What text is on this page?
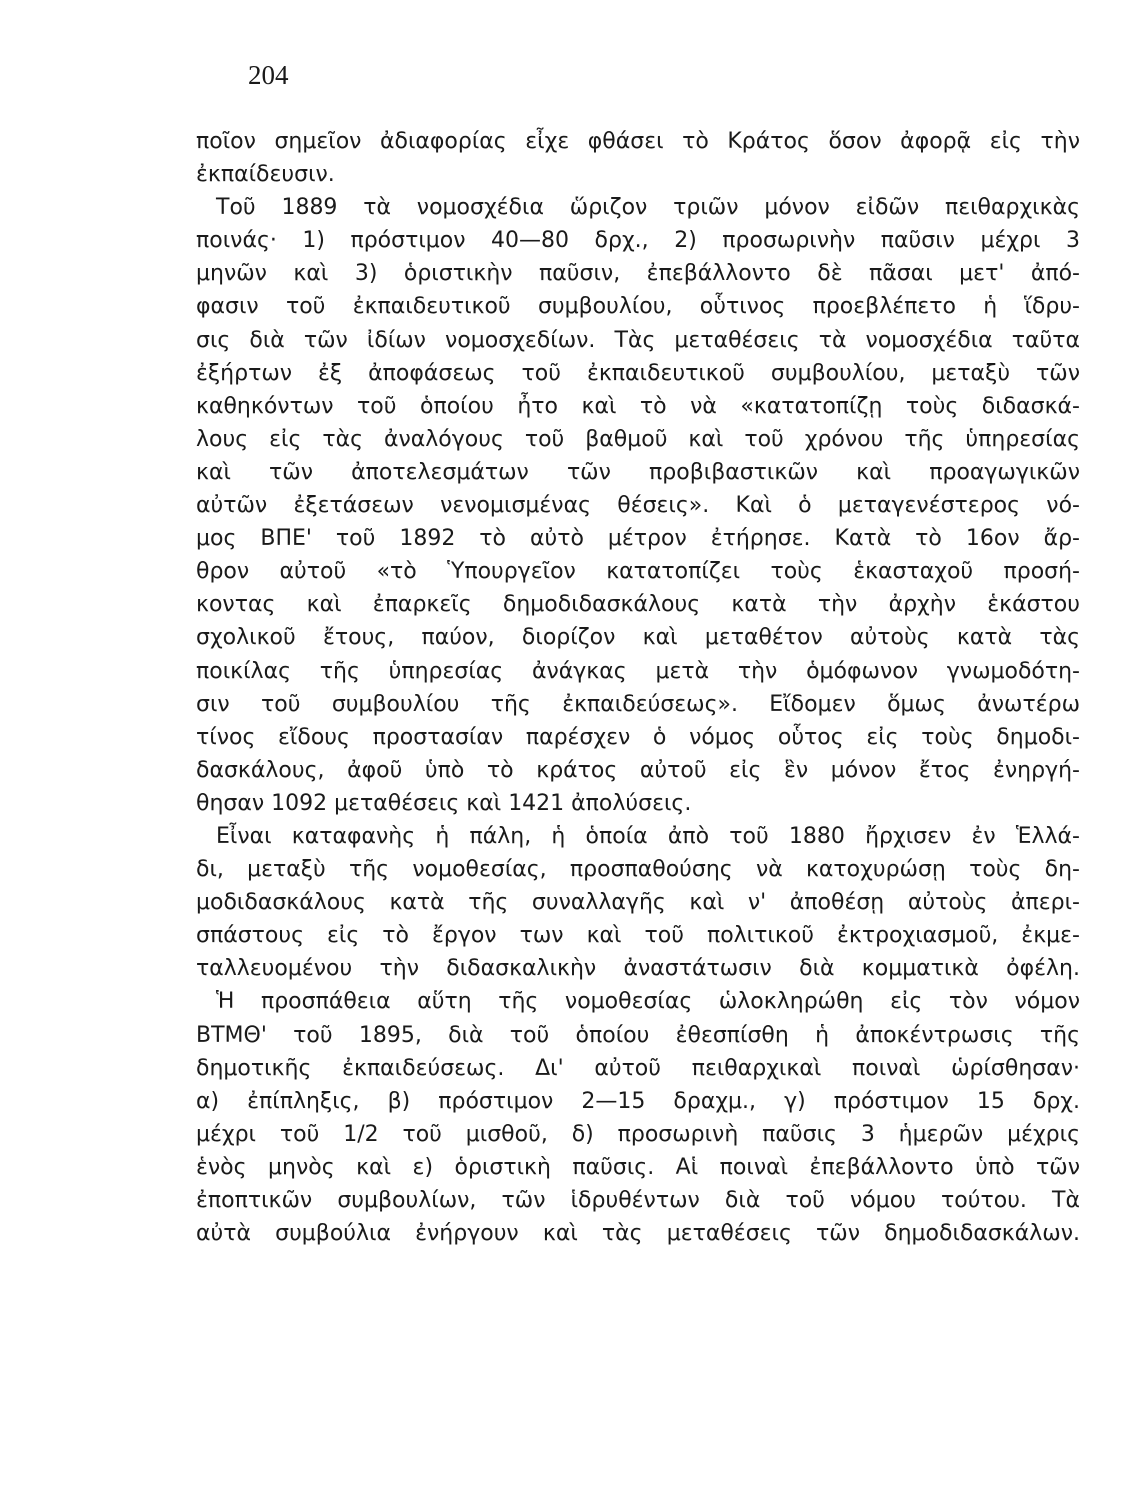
204
ποῖον σημεῖον ἀδιαφορίας εἶχε φθάσει τὸ Κράτος ὅσον ἀφορᾷ εἰς τὴν
ἐκπαίδευσιν.
Τοῦ 1889 τὰ νομοσχέδια ὥριζον τριῶν μόνον εἰδῶν πειθαρχικὰς
ποινάς· 1) πρόστιμον 40—80 δρχ., 2) προσωρινὴν παῦσιν μέχρι 3
μηνῶν καὶ 3) ὁριστικὴν παῦσιν, ἐπεβάλλοντο δὲ πᾶσαι μετ' ἀπό-
φασιν τοῦ ἐκπαιδευτικοῦ συμβουλίου, οὗτινος προεβλέπετο ἡ ἵδρυ-
σις διὰ τῶν ἰδίων νομοσχεδίων. Τὰς μεταθέσεις τὰ νομοσχέδια ταῦτα
ἐξήρτων ἐξ ἀποφάσεως τοῦ ἐκπαιδευτικοῦ συμβουλίου, μεταξὺ τῶν
καθηκόντων τοῦ ὁποίου ἦτο καὶ τὸ νὰ «κατατοπίζῃ τοὺς διδασκά-
λους εἰς τὰς ἀναλόγους τοῦ βαθμοῦ καὶ τοῦ χρόνου τῆς ὑπηρεσίας
καὶ τῶν ἀποτελεσμάτων τῶν προβιβαστικῶν καὶ προαγωγικῶν
αὐτῶν ἐξετάσεων νενομισμένας θέσεις». Καὶ ὁ μεταγενέστερος νό-
μος ΒΠΕ' τοῦ 1892 τὸ αὐτὸ μέτρον ἐτήρησε. Κατὰ τὸ 16ον ἄρ-
θρον αὐτοῦ «τὸ Ὑπουργεῖον κατατοπίζει τοὺς ἑκασταχοῦ προσή-
κοντας καὶ ἐπαρκεῖς δημοδιδασκάλους κατὰ τὴν ἀρχὴν ἑκάστου
σχολικοῦ ἔτους, παύον, διορίζον καὶ μεταθέτον αὐτοὺς κατὰ τὰς
ποικίλας τῆς ὑπηρεσίας ἀνάγκας μετὰ τὴν ὁμόφωνον γνωμοδότη-
σιν τοῦ συμβουλίου τῆς ἐκπαιδεύσεως». Εἴδομεν ὅμως ἀνωτέρω
τίνος εἴδους προστασίαν παρέσχεν ὁ νόμος οὗτος εἰς τοὺς δημοδι-
δασκάλους, ἀφοῦ ὑπὸ τὸ κράτος αὐτοῦ εἰς ἓν μόνον ἔτος ἐνηργή-
θησαν 1092 μεταθέσεις καὶ 1421 ἀπολύσεις.
Εἶναι καταφανὴς ἡ πάλη, ἡ ὁποία ἀπὸ τοῦ 1880 ἤρχισεν ἐν Ἑλλά-
δι, μεταξὺ τῆς νομοθεσίας, προσπαθούσης νὰ κατοχυρώσῃ τοὺς δη-
μοδιδασκάλους κατὰ τῆς συναλλαγῆς καὶ ν' ἀποθέσῃ αὐτοὺς ἀπερι-
σπάστους εἰς τὸ ἔργον των καὶ τοῦ πολιτικοῦ ἐκτροχιασμοῦ, ἐκμε-
ταλλευομένου τὴν διδασκαλικὴν ἀναστάτωσιν διὰ κομματικὰ ὀφέλη.
Ἡ προσπάθεια αὕτη τῆς νομοθεσίας ὡλοκληρώθη εἰς τὸν νόμον
ΒΤΜΘ' τοῦ 1895, διὰ τοῦ ὁποίου ἐθεσπίσθη ἡ ἀποκέντρωσις τῆς
δημοτικῆς ἐκπαιδεύσεως. Δι' αὐτοῦ πειθαρχικαὶ ποιναὶ ὡρίσθησαν·
α) ἐπίπληξις, β) πρόστιμον 2—15 δραχμ., γ) πρόστιμον 15 δρχ.
μέχρι τοῦ 1/2 τοῦ μισθοῦ, δ) προσωρινὴ παῦσις 3 ἡμερῶν μέχρις
ἑνὸς μηνὸς καὶ ε) ὁριστικὴ παῦσις. Αἱ ποιναὶ ἐπεβάλλοντο ὑπὸ τῶν
ἐποπτικῶν συμβουλίων, τῶν ἱδρυθέντων διὰ τοῦ νόμου τούτου. Τὰ
αὐτὰ συμβούλια ἐνήργουν καὶ τὰς μεταθέσεις τῶν δημοδιδασκάλων.
